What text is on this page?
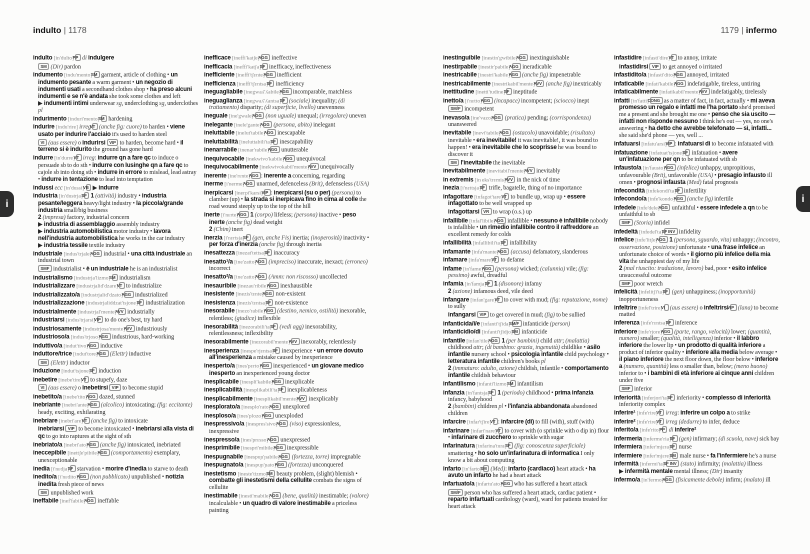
indulto | 1178	1179 | infermo
indulto [in'dulto] PP di indulgere
SM (Dir) pardon
indumento [indu'mento] SM garment, article of clothing • un indumento pesante a warm garment • un negozio di indumenti usati a secondhand clothes shop • ha preso alcuni indumenti e se n'è andata she took some clothes and left
▶ indumenti intimi underwear sg, underclothing sg, underclothes pl
indurimento [induri'mento] SM hardening
indurire [indu'rire] irreg VT (anche fig: cuore) to harden • viene usato per indurire l'acciaio it's used to harden steel
VI (aus essere) o indurirsi VIP to harden, become hard • il terreno si è indurito the ground has gone hard
indurre [in'durre] VT irreg: indurre qn a fare qc to induce o persuade sb to do sth • indurre con lusinghe qn a fare qc to cajole sb into doing sth • indurre in errore to mislead, lead astray • indurre in tentazione to lead into temptation
indussi ecc [in'dussi] VB ▶ indurre
industria [in'dustrja] SF 1 (attività) industry • industria pesante/leggera heavy/light industry • la piccola/grande industria small/big business
2 (impresa) factory, industrial concern
▶ industria di assemblaggio assembly industry
▶ industria automobilistica motor industry • lavora nell'industria automobilistica he works in the car industry
▶ industria tessile textile industry
industriale [indus'trjale] AGG industrial • una città industriale an industrial town
SMF industrialist • è un industriale he is an industrialist
industrialismo [industrja'lizmo] SM industrialism
industrializzare [industrjalid'dzare] VT to industrialize
industrializzato/a [industrjalid'dzato] AGG industrialized
industrializzazione [industrjaliddzat'tsjone] SF industrialization
industrialmente [industrjal'mente] AVV industrially
industriarsi [indus'trjarsi] VIP to do one's best, try hard
industriosamente [industrjosa'mente] AVV industriously
industrioso/a [indus'trjoso] AGG industrious, hard-working
induttivo/a [indut'tivo] AGG inductive
induttore/trice [indut'tore] AGG (Elettr) inductive
SM (Elettr) inductor
induzione [indut'tsjone] SF induction
inebetire [inebe'tire] VT to stupefy, daze
VI (aus essere) o inebetirsi VIP to become stupid
inebetito/a [inebe'tito] AGG dazed, stunned
inebriante [inebri'ante] AGG (alcolico) intoxicating; (fig: eccitante) heady, exciting, exhilarating
inebriare [inebri'are] VT (anche fig) to intoxicate
inebriarsi VIP to become intoxicated • inebriarsi alla vista di qc to go into raptures at the sight of sth
inebriato/a [inebri'ato] AGG (anche fig) intoxicated, inebriated
ineccepibile [inettʃe'pibile] AGG (comportamento) exemplary, unexceptionable
inedia [i'nɛdja] SF starvation • morire d'inedia to starve to death
inedito/a [i'nɛdito] AGG (non pubblicato) unpublished • notizia inedita fresh piece of news
SM unpublished work
ineffabile [inef'fabile] AGG ineffable
inefficace [ineffi'katʃe] AGG ineffective
inefficacia [ineffi'katʃa] SF inefficacy, ineffectiveness
inefficiente [ineffi'tʃɛnte] AGG inefficient
inefficienza [ineffi'tʃɛntsa] SF inefficiency
ineguagliabile [inegwaʎ'ʎabile] AGG incomparable, matchless
ineguaglianza [inegwaʎ'ʎantsa] SF (sociale) inequality; (di trattamento) disparity; (di superficie, livello) unevenness
ineguale [ine'gwale] AGG (non uguale) unequal; (irregolare) uneven
inelegante [inele'gante] AGG (persona, abito) inelegant
ineluttabile [inelut'tabile] AGG inescapable
ineluttabilità [ineluttabili'ta] SF inescapability
inenarrabile [inenar'rabile] AGG unutterable
inequivocabile [inekwivo'kabile] AGG unequivocal
inequivocabilmente [inekwivokabil'mente] AVV unequivocally
inerente [ine'rɛnte] AGG : inerente a concerning, regarding
inerme [i'nerme] AGG unarmed, defenceless (Brit), defenseless (USA)
inerpicarsi [inerpi'karsi] VIP : inerpicarsi (su o per) (persona) to clamber (up) • la strada si inerpicava fino in cima al colle the road wound steeply up to the top of the hill
inerte [i'nɛrte] AGG 1 (corpo) lifeless; (persona) inactive • peso inerte (anche fig) dead weight
2 (Chim) inert
inerzia [i'nɛrtsja] SF (gen, anche Fis) inertia; (inoperosità) inactivity • per forza d'inerzia (anche fig) through inertia
inesattezza [inezat'tettsa] SF inaccuracy
inesatto¹/a [ine'zatto] AGG (impreciso) inaccurate, inexact; (erroneo) incorrect
inesatto²/a [ine'zatto] AGG (Amm: non riscosso) uncollected
inesauribile [inezau'ribile] AGG inexhaustible
inesistente [inezis'tɛnte] AGG non-existent
inesistenza [inezis'tɛntsa] SF non-existence
inesorabile [inezo'rabile] AGG (destino, nemico, ostilità) inexorable, relentless; (giudice) inflexible
inesorabilità [inezorabili'ta] SF (vedi agg) inexorability, relentlessness; inflexibility
inesorabilmente [inezorabil'mente] AVV inexorably, relentlessly
inesperienza [inespe'rjɛntsa] SF inexperience • un errore dovuto all'inesperienza a mistake caused by inexperience
inesperto/a [ines'pɛrto] AGG inexperienced • un giovane medico inesperto an inexperienced young doctor
inesplicabile [inespli'kabile] AGG inexplicable
inesplicabilità [inesplikabili'ta] SF inexplicableness
inesplicabilmente [inesplikabil'mente] AVV inexplicably
inesplorato/a [inesplo'rato] AGG unexplored
inesploso/a [ines'plozo] AGG unexploded
inespressivo/a [inespres'sivo] AGG (viso) expressionless, inexpressive
inespresso/a [ines'prɛsso] AGG unexpressed
inesprimibile [inespri'mibile] AGG inexpressible
inespugnabile [inespuɲ'ɲabile] AGG (fortezza, torre) impregnable
inespugnato/a [inespuɲ'ɲato] AGG (fortezza) unconquered
inestetismo [ineste'tizmo] SM beauty problem, (slight) blemish • combatte gli inestetismi della cellulite combats the signs of cellulite
inestimabile [inesti'mabile] AGG (bene, qualità) inestimable; (valore) incalculable • un quadro di valore inestimabile a priceless painting
inestinguibile [inestin'gwibile] AGG inextinguishable
inestirpabile [inestir'pabile] AGG ineradicable
inestricabile [inestri'kabile] AGG (anche fig) impenetrable
inestricabilmente [inestrikabil'mente] AVV (anche fig) inextricably
inettitudine [inetti'tudine] SF ineptitude
inetto/a [i'nɛtto] AGG (incapace) incompetent; (sciocco) inept
SM/F incompetent
inevaso/a [ine'vazo] AGG (pratica) pending; (corrispondenza) unanswered
inevitabile [inevi'tabile] AGG (ostacolo) unavoidable; (risultato) inevitable • era inevitabile! it was inevitable!, it was bound to happen! • era inevitabile che lo scoprisse he was bound to discover it
SM l'inevitabile the inevitable
inevitabilmente [inevitabil'mente] AVV inevitably
in extremis [in eks'trɛmis] AVV in the nick of time
inezia [i'nɛttsja] SF trifle, bagatelle, thing of no importance
infagottare [infagot'tare] VT to bundle up, wrap up • essere infagottato to be well wrapped up
infagottarsi VR to wrap (o.s.) up
infallibile [infal'libile] AGG infallible • nessuno è infallibile nobody is infallible • un rimedio infallibile contro il raffreddore an excellent remedy for colds
infallibilità [infallibili'ta] SF infallibility
infamante [infa'mante] AGG (accusa) defamatory, slanderous
infamare [infa'mare] VT to defame
infame [in'fame] AGG (persona) wicked; (calunnia) vile; (fig: pessimo) awful, dreadful
infamia [in'famja] SF 1 (disonore) infamy
2 (azione) infamous deed, vile deed
infangare [infan'gare] VT to cover with mud; (fig: reputazione, nome) to sully
infangarsi VIP to get covered in mud; (fig) to be sullied
infanticida/i/e [infanti'tʃida] SM/F infanticide (person)
infanticidio/di [infanti'tʃidjo] SM infanticide
infantile [infan'tile] AGG 1 (per bambini) child attr; (malattia) childhood attr; (di bambino: grazia, ingenuità) childlike • asilo infantile nursery school • psicologia infantile child psychology • letteratura infantile children's books pl
2 (immaturo: adulto, azione) childish, infantile • comportamento infantile childish behaviour
infantilismo [infanti'lizmo] SM infantilism
infanzia [in'fantsja] SF 1 (periodo) childhood • prima infanzia infancy, babyhood
2 (bambini) children pl • l'infanzia abbandonata abandoned children
infarcire [infar'tʃire] VT : infarcire (di) to fill (with), stuff (with)
infarinare [infari'nare] VT to cover with (o sprinkle with o dip in) flour • infarinare di zucchero to sprinkle with sugar
infarinatura [infarina'tura] SF (fig: conoscenza superficiale) smattering • ho solo un'infarinatura di informatica I only know a bit about computing
infarto [in'farto] SM (Med): infarto (cardiaco) heart attack • ha avuto un infarto he had a heart attack
infartuato/a [infartu'ato] AGG who has suffered a heart attack
SM/F person who has suffered a heart attack, cardiac patient • reparto infartuati cardiology (ward), ward for patients treated for heart attack
infastidire [infasti'dire] VT to annoy, irritate
infastidirsi VIP to get annoyed o irritated
infastidito/a [infasti'dito] AGG annoyed, irritated
infaticabile [infati'kabile] AGG indefatigable, tireless, untiring
infaticabilmente [infatikabil'mente] AVV indefatigably, tirelessly
infatti [in'fatti] CONG as a matter of fact, in fact, actually • mi aveva promesso un regalo e infatti me l'ha portato she'd promised me a present and she brought me one • penso che sia uscito — infatti non risponde nessuno I think he's out — yes, no one's answering • ha detto che avrebbe telefonato — sì, infatti... she said she'd phone — yes, well ...
infatuarsi [infatu'arsi] VIP : infatuarsi di to become infatuated with
infatuazione [infatuat'tsjone] SF infatuation • avere un'infatuazione per qn to be infatuated with sb
infausto/a [in'fausto] AGG (infelice) unhappy, unpropitious, unfavourable (Brit), unfavorable (USA) • presagio infausto ill omen • prognosi infausta (Med) fatal prognosis
infecondità [infekondi'ta] SF infertility
infecondo/a [infe'kondo] AGG (anche fig) infertile
infedele [infe'dele] AGG unfaithful • essere infedele a qn to be unfaithful to sb
SMF (Storia) infidel
infedeltà [infedel'ta] SF INV infidelity
infelice [infe'litʃe] AGG 1 (persona, sguardo, vita) unhappy; (incontro, osservazione, posizione) unfortunate • una frase infelice an unfortunate choice of words • il giorno più infelice della mia vita the unhappiest day of my life
2 (mal riuscito: traduzione, lavoro) bad, poor • esito infelice unsuccessful outcome
SMF poor wretch
infelicità [infelitʃi'ta] SF (gen) unhappiness; (inopportunità) inopportuneness
infeltrire [infel'trire] VI (aus essere) o infeltrirsi VIP (lana) to become matted
inferenza [infe'rɛntsa] SF inference
inferiore [infe'rjore] AGG (parte, rango, velocità) lower; (quantità, numero) smaller; (qualità, intelligenza) inferior • il labbro inferiore the lower lip • un prodotto di qualità inferiore a product of inferior quality • inferiore alla media below average • il piano inferiore the next floor down, the floor below • inferiore a (numero, quantità) less o smaller than, below; (meno buono) inferior to • i bambini di età inferiore ai cinque anni children under five
SMF inferior
inferiorità [inferjori'ta] SF inferiority • complesso di inferiorità inferiority complex
inferire¹ [infe'rire] VT irreg: inferire un colpo a to strike
inferire² [infe'rire] VT irreg (dedurre) to infer, deduce
inferito/a [infe'rito] PP di inferire²
infermeria [inferme'ria] SF (gen) infirmary; (di scuola, nave) sick bay
infermiera [infer'mjɛra] SF nurse
infermiere [infer'mjɛre] SM male nurse • fa l'infermiere he's a nurse
infermità [infermi'ta] SF INV (stato) infirmity; (malattia) illness
▶ infermità mentale mental illness; (Dir) insanity
infermo/a [in'fermo] AGG (fisicamente debole) infirm; (malato) ill
i	i
